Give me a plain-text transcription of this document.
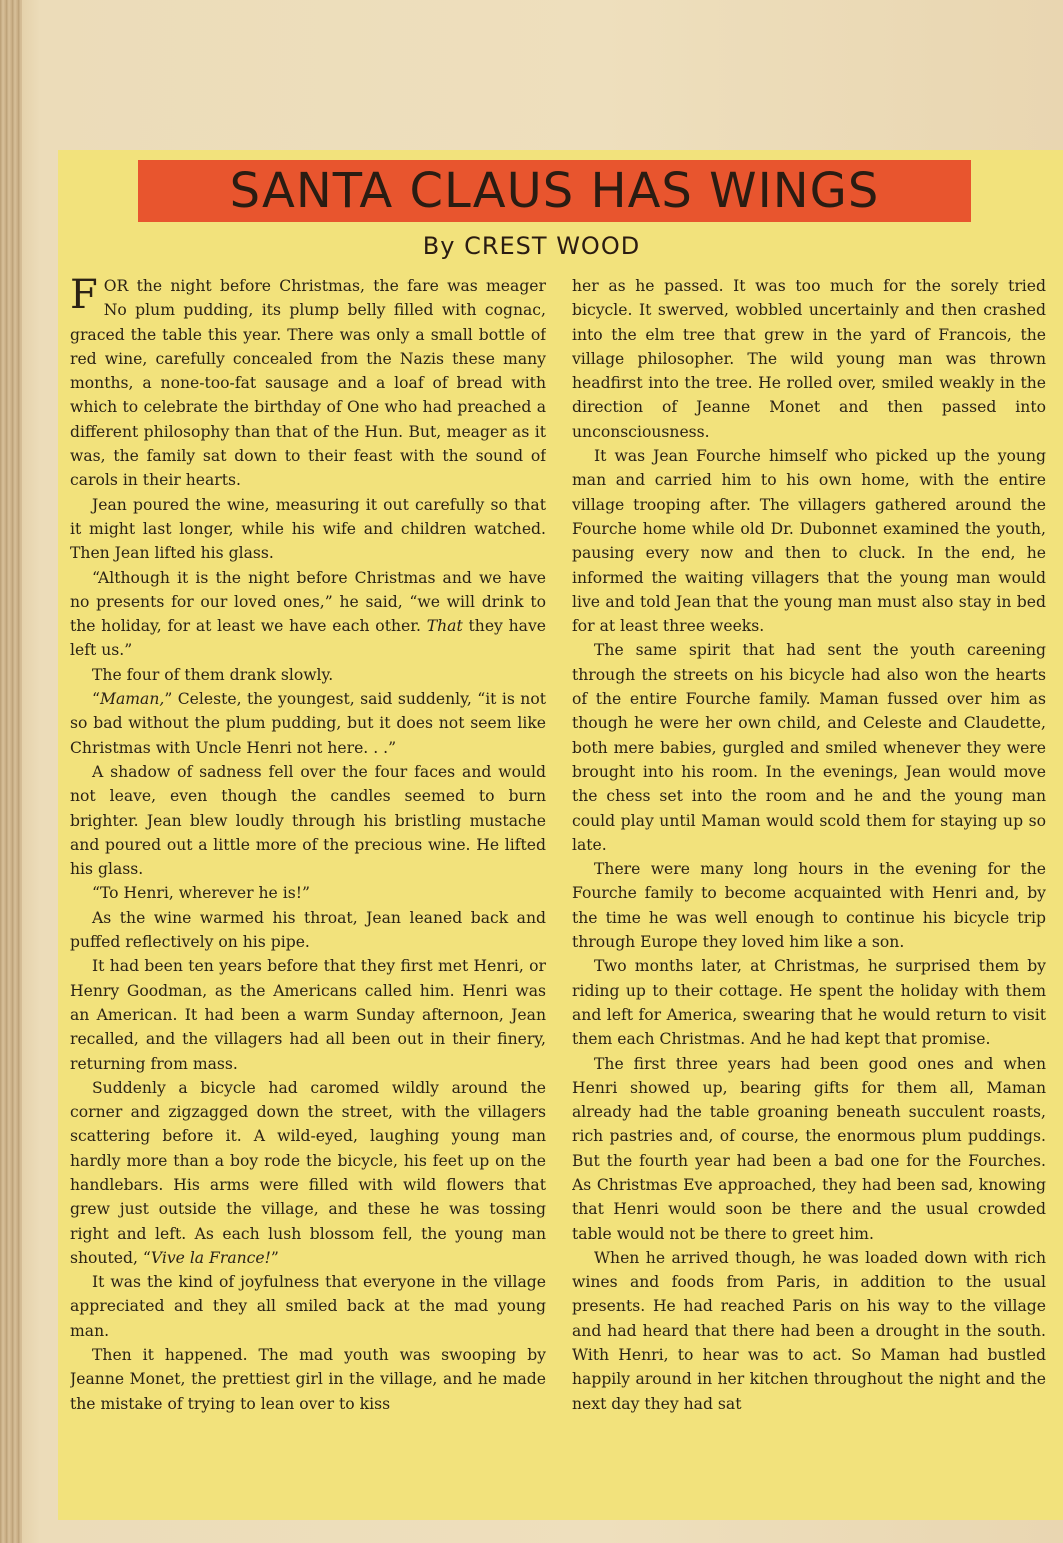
SANTA CLAUS HAS WINGS
By CREST WOOD

FOR the night before Christmas, the fare was meager No plum pudding, its plump belly filled with cognac, graced the table this year. There was only a small bottle of red wine, carefully concealed from the Nazis these many months, a none-too-fat sausage and a loaf of bread with which to celebrate the birthday of One who had preached a different philosophy than that of the Hun. But, meager as it was, the family sat down to their feast with the sound of carols in their hearts.

Jean poured the wine, measuring it out carefully so that it might last longer, while his wife and children watched. Then Jean lifted his glass.

“Although it is the night before Christmas and we have no presents for our loved ones,” he said, “we will drink to the holiday, for at least we have each other. That they have left us.”

The four of them drank slowly.

“Maman,” Celeste, the youngest, said suddenly, “it is not so bad without the plum pudding, but it does not seem like Christmas with Uncle Henri not here. . .”

A shadow of sadness fell over the four faces and would not leave, even though the candles seemed to burn brighter. Jean blew loudly through his bristling mustache and poured out a little more of the precious wine. He lifted his glass.

“To Henri, wherever he is!”

As the wine warmed his throat, Jean leaned back and puffed reflectively on his pipe.

It had been ten years before that they first met Henri, or Henry Goodman, as the Americans called him. Henri was an American. It had been a warm Sunday afternoon, Jean recalled, and the villagers had all been out in their finery, returning from mass.

Suddenly a bicycle had caromed wildly around the corner and zigzagged down the street, with the villagers scattering before it. A wild-eyed, laughing young man hardly more than a boy rode the bicycle, his feet up on the handlebars. His arms were filled with wild flowers that grew just outside the village, and these he was tossing right and left. As each lush blossom fell, the young man shouted, “Vive la France!”

It was the kind of joyfulness that everyone in the village appreciated and they all smiled back at the mad young man.

Then it happened. The mad youth was swooping by Jeanne Monet, the prettiest girl in the village, and he made the mistake of trying to lean over to kiss

her as he passed. It was too much for the sorely tried bicycle. It swerved, wobbled uncertainly and then crashed into the elm tree that grew in the yard of Francois, the village philosopher. The wild young man was thrown headfirst into the tree. He rolled over, smiled weakly in the direction of Jeanne Monet and then passed into unconsciousness.

It was Jean Fourche himself who picked up the young man and carried him to his own home, with the entire village trooping after. The villagers gathered around the Fourche home while old Dr. Dubonnet examined the youth, pausing every now and then to cluck. In the end, he informed the waiting villagers that the young man would live and told Jean that the young man must also stay in bed for at least three weeks.

The same spirit that had sent the youth careening through the streets on his bicycle had also won the hearts of the entire Fourche family. Maman fussed over him as though he were her own child, and Celeste and Claudette, both mere babies, gurgled and smiled whenever they were brought into his room. In the evenings, Jean would move the chess set into the room and he and the young man could play until Maman would scold them for staying up so late.

There were many long hours in the evening for the Fourche family to become acquainted with Henri and, by the time he was well enough to continue his bicycle trip through Europe they loved him like a son.

Two months later, at Christmas, he surprised them by riding up to their cottage. He spent the holiday with them and left for America, swearing that he would return to visit them each Christmas. And he had kept that promise.

The first three years had been good ones and when Henri showed up, bearing gifts for them all, Maman already had the table groaning beneath succulent roasts, rich pastries and, of course, the enormous plum puddings. But the fourth year had been a bad one for the Fourches. As Christmas Eve approached, they had been sad, knowing that Henri would soon be there and the usual crowded table would not be there to greet him.

When he arrived though, he was loaded down with rich wines and foods from Paris, in addition to the usual presents. He had reached Paris on his way to the village and had heard that there had been a drought in the south. With Henri, to hear was to act. So Maman had bustled happily around in her kitchen throughout the night and the next day they had sat
